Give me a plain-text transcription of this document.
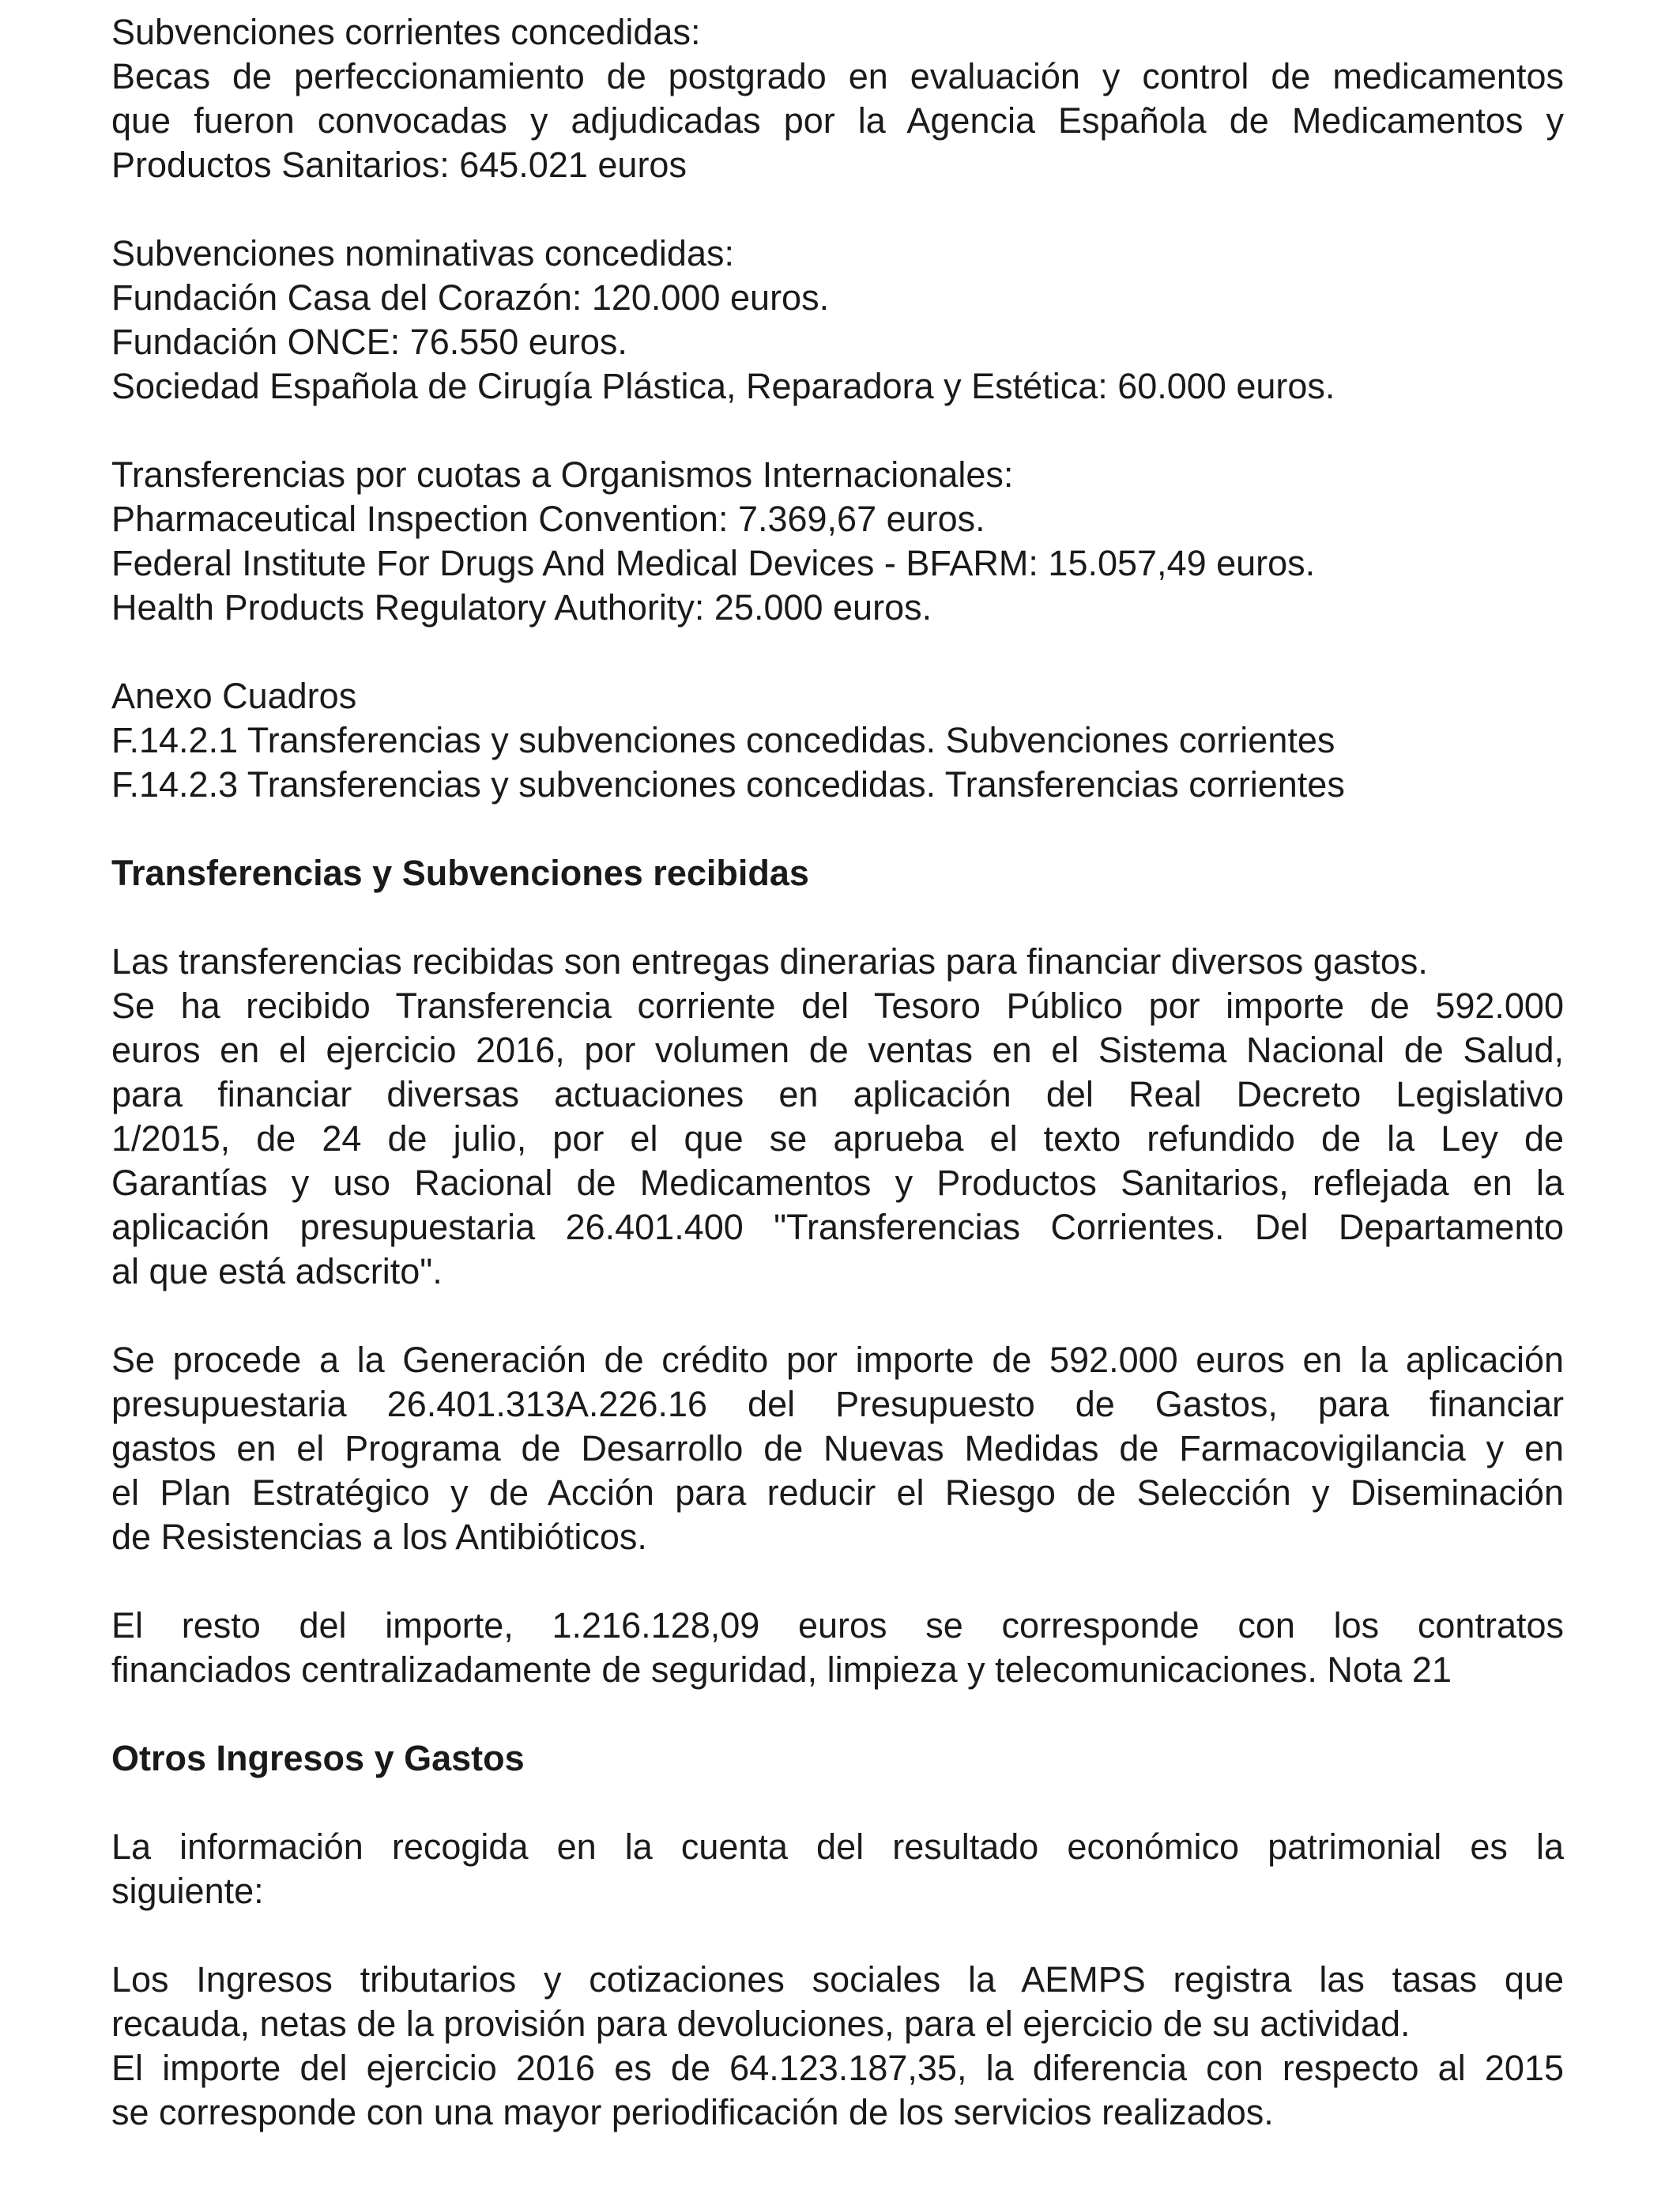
Subvenciones corrientes concedidas:
Becas de perfeccionamiento de postgrado en evaluación y control de medicamentos
que fueron convocadas y adjudicadas por la Agencia Española de Medicamentos y
Productos Sanitarios: 645.021 euros
Subvenciones nominativas concedidas:
Fundación Casa del Corazón: 120.000 euros.
Fundación ONCE: 76.550 euros.
Sociedad Española de Cirugía Plástica, Reparadora y Estética: 60.000 euros.
Transferencias por cuotas a Organismos Internacionales:
Pharmaceutical Inspection Convention: 7.369,67 euros.
Federal Institute For Drugs And Medical Devices - BFARM: 15.057,49 euros.
Health Products Regulatory Authority: 25.000 euros.
Anexo Cuadros
F.14.2.1 Transferencias y subvenciones concedidas. Subvenciones corrientes
F.14.2.3 Transferencias y subvenciones concedidas. Transferencias corrientes
Transferencias y Subvenciones recibidas
Las transferencias recibidas son entregas dinerarias para financiar diversos gastos.
Se ha recibido Transferencia corriente del Tesoro Público por importe de 592.000
euros en el ejercicio 2016, por volumen de ventas en el Sistema Nacional de Salud,
para financiar diversas actuaciones en aplicación del Real Decreto Legislativo
1/2015, de 24 de julio, por el que se aprueba el texto refundido de la Ley de
Garantías y uso Racional de Medicamentos y Productos Sanitarios, reflejada en la
aplicación presupuestaria 26.401.400 "Transferencias Corrientes. Del Departamento
al que está adscrito".
Se procede a la Generación de crédito por importe de 592.000 euros en la aplicación
presupuestaria 26.401.313A.226.16 del Presupuesto de Gastos, para financiar
gastos en el Programa de Desarrollo de Nuevas Medidas de Farmacovigilancia y en
el Plan Estratégico y de Acción para reducir el Riesgo de Selección y Diseminación
de Resistencias a los Antibióticos.
El resto del importe, 1.216.128,09 euros se corresponde con los contratos
financiados centralizadamente de seguridad, limpieza y telecomunicaciones. Nota 21
Otros Ingresos y Gastos
La información recogida en la cuenta del resultado económico patrimonial es la
siguiente:
Los Ingresos tributarios y cotizaciones sociales la AEMPS registra las tasas que
recauda, netas de la provisión para devoluciones, para el ejercicio de su actividad.
El importe del ejercicio 2016 es de 64.123.187,35, la diferencia con respecto al 2015
se corresponde con una mayor periodificación de los servicios realizados.
